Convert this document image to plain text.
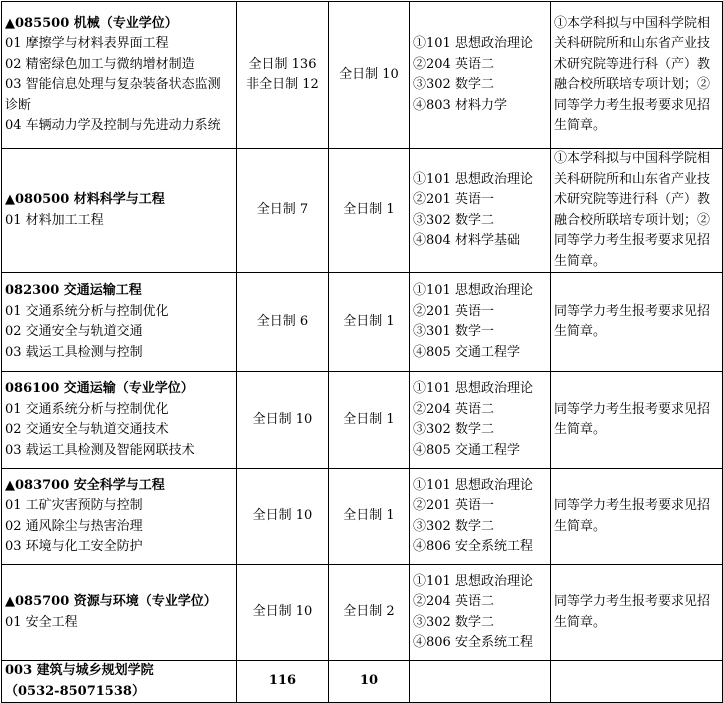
▲085500 机械（专业学位）
01 摩擦学与材料表界面工程
02 精密绿色加工与微纳增材制造
03 智能信息处理与复杂装备状态监测诊断
04 车辆动力学及控制与先进动力系统	全日制 136
非全日制 12	全日制 10	①101 思想政治理论
②204 英语二
③302 数学二
④803 材料力学	①本学科拟与中国科学院相关科研院所和山东省产业技术研究院等进行科（产）教融合校所联培专项计划；②同等学力考生报考要求见招生简章。

▲080500 材料科学与工程
01 材料加工工程	全日制 7	全日制 1	①101 思想政治理论
②201 英语一
③302 数学二
④804 材料学基础	①本学科拟与中国科学院相关科研院所和山东省产业技术研究院等进行科（产）教融合校所联培专项计划；②同等学力考生报考要求见招生简章。

082300 交通运输工程
01 交通系统分析与控制优化
02 交通安全与轨道交通
03 载运工具检测与控制	全日制 6	全日制 1	①101 思想政治理论
②201 英语一
③301 数学一
④805 交通工程学	同等学力考生报考要求见招生简章。

086100 交通运输（专业学位）
01 交通系统分析与控制优化
02 交通安全与轨道交通技术
03 载运工具检测及智能网联技术	全日制 10	全日制 1	①101 思想政治理论
②204 英语二
③302 数学二
④805 交通工程学	同等学力考生报考要求见招生简章。

▲083700 安全科学与工程
01 工矿灾害预防与控制
02 通风除尘与热害治理
03 环境与化工安全防护	全日制 10	全日制 1	①101 思想政治理论
②201 英语一
③302 数学二
④806 安全系统工程	同等学力考生报考要求见招生简章。

▲085700 资源与环境（专业学位）
01 安全工程	全日制 10	全日制 2	①101 思想政治理论
②204 英语二
③302 数学二
④806 安全系统工程	同等学力考生报考要求见招生简章。

003 建筑与城乡规划学院
（0532-85071538）	116	10		
